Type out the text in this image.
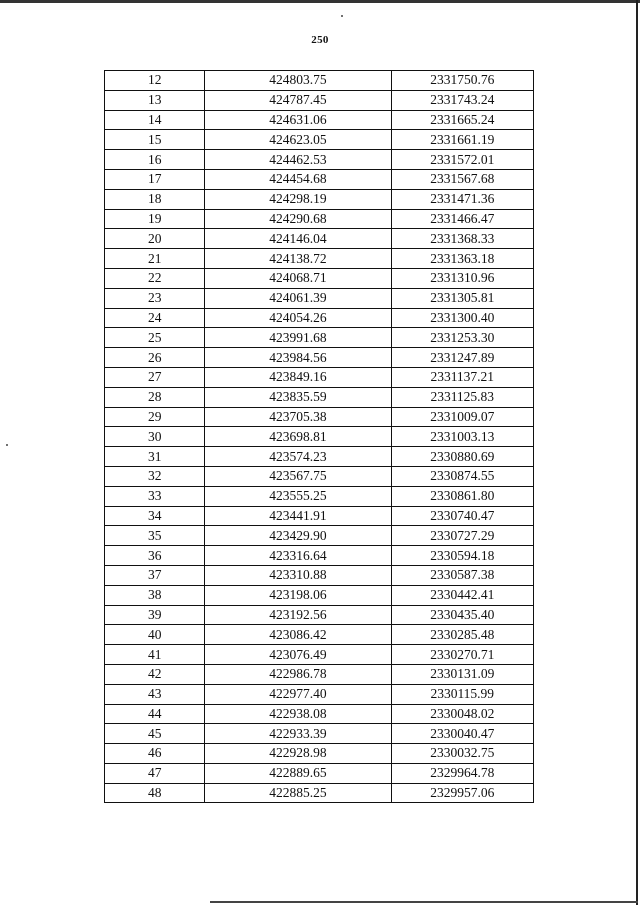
250
12	424803.75	2331750.76
13	424787.45	2331743.24
14	424631.06	2331665.24
15	424623.05	2331661.19
16	424462.53	2331572.01
17	424454.68	2331567.68
18	424298.19	2331471.36
19	424290.68	2331466.47
20	424146.04	2331368.33
21	424138.72	2331363.18
22	424068.71	2331310.96
23	424061.39	2331305.81
24	424054.26	2331300.40
25	423991.68	2331253.30
26	423984.56	2331247.89
27	423849.16	2331137.21
28	423835.59	2331125.83
29	423705.38	2331009.07
30	423698.81	2331003.13
31	423574.23	2330880.69
32	423567.75	2330874.55
33	423555.25	2330861.80
34	423441.91	2330740.47
35	423429.90	2330727.29
36	423316.64	2330594.18
37	423310.88	2330587.38
38	423198.06	2330442.41
39	423192.56	2330435.40
40	423086.42	2330285.48
41	423076.49	2330270.71
42	422986.78	2330131.09
43	422977.40	2330115.99
44	422938.08	2330048.02
45	422933.39	2330040.47
46	422928.98	2330032.75
47	422889.65	2329964.78
48	422885.25	2329957.06
